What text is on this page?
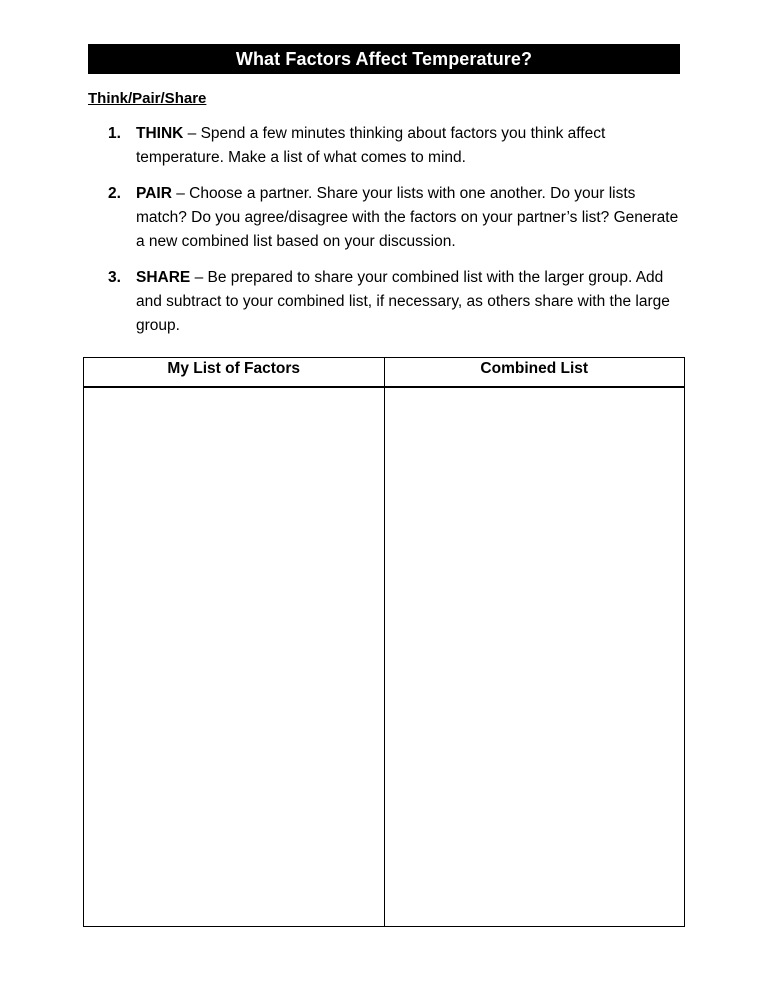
What Factors Affect Temperature?
Think/Pair/Share
1. THINK – Spend a few minutes thinking about factors you think affect temperature. Make a list of what comes to mind.
2. PAIR – Choose a partner. Share your lists with one another. Do your lists match? Do you agree/disagree with the factors on your partner’s list? Generate a new combined list based on your discussion.
3. SHARE – Be prepared to share your combined list with the larger group. Add and subtract to your combined list, if necessary, as others share with the large group.
My List of Factors	Combined List
